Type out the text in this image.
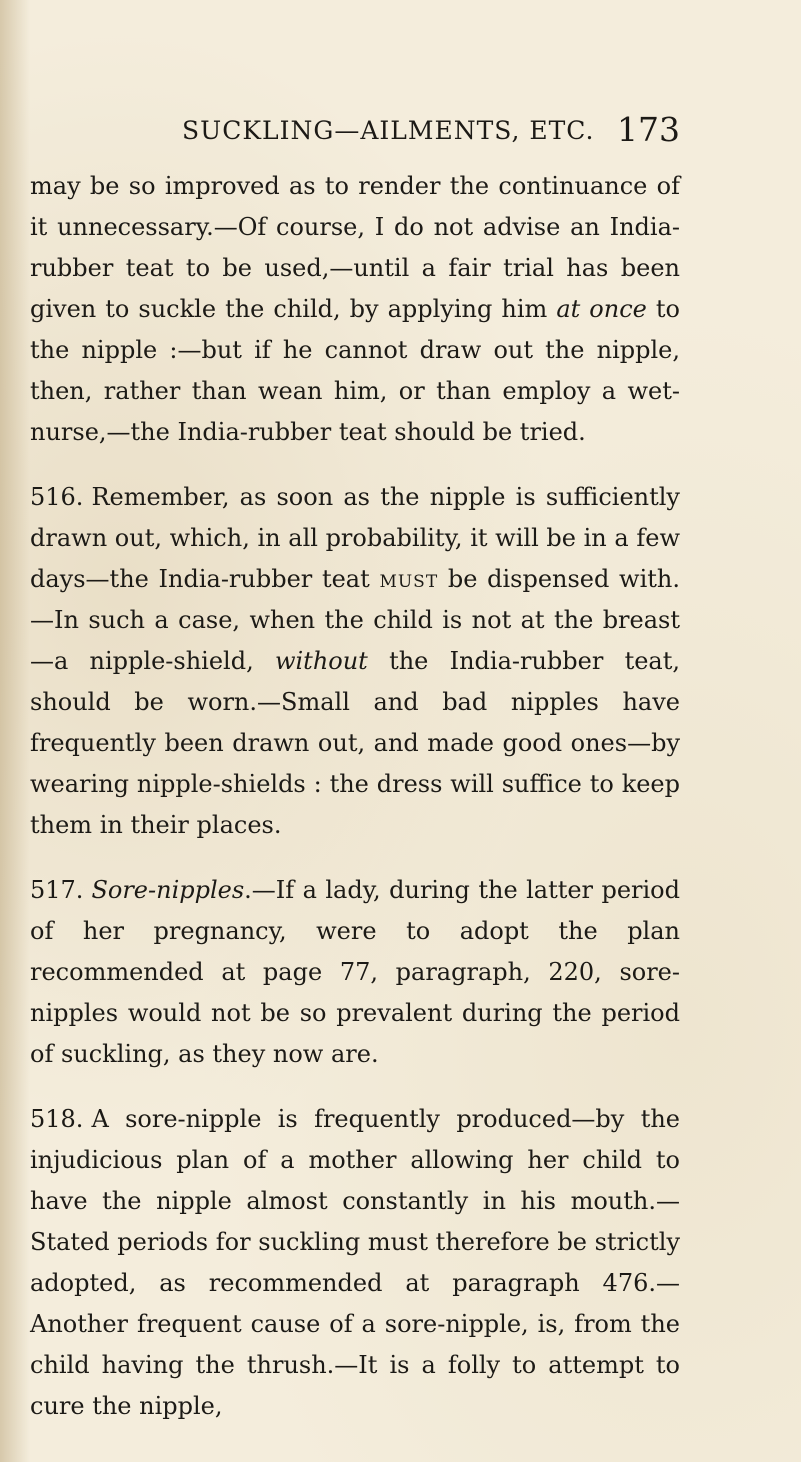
SUCKLING—AILMENTS, ETC. 173

may be so improved as to render the continuance of it unnecessary.—Of course, I do not advise an India-rubber teat to be used,—until a fair trial has been given to suckle the child, by applying him at once to the nipple :—but if he cannot draw out the nipple, then, rather than wean him, or than employ a wet-nurse,—the India-rubber teat should be tried.

516. Remember, as soon as the nipple is sufficiently drawn out, which, in all probability, it will be in a few days—the India-rubber teat must be dispensed with. —In such a case, when the child is not at the breast —a nipple-shield, without the India-rubber teat, should be worn.—Small and bad nipples have frequently been drawn out, and made good ones—by wearing nipple-shields : the dress will suffice to keep them in their places.

517. Sore-nipples.—If a lady, during the latter period of her pregnancy, were to adopt the plan recommended at page 77, paragraph, 220, sore-nipples would not be so prevalent during the period of suckling, as they now are.

518. A sore-nipple is frequently produced—by the injudicious plan of a mother allowing her child to have the nipple almost constantly in his mouth.—Stated periods for suckling must therefore be strictly adopted, as recommended at paragraph 476.—Another frequent cause of a sore-nipple, is, from the child having the thrush.—It is a folly to attempt to cure the nipple,
